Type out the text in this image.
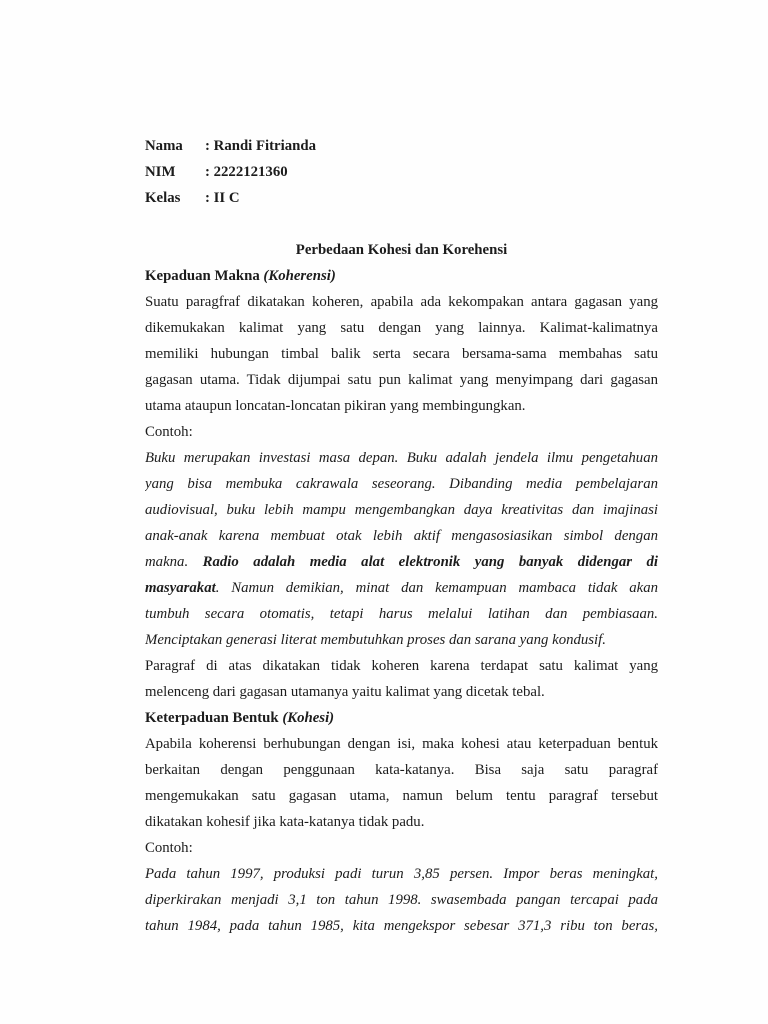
Nama	: Randi Fitrianda
NIM	: 2222121360
Kelas	: II C
Perbedaan Kohesi dan Korehensi
Kepaduan Makna (Koherensi)
Suatu paragfraf dikatakan koheren, apabila ada kekompakan antara gagasan yang
dikemukakan kalimat yang satu dengan yang lainnya. Kalimat-kalimatnya
memiliki hubungan timbal balik serta secara bersama-sama membahas satu
gagasan utama. Tidak dijumpai satu pun kalimat yang menyimpang dari gagasan
utama ataupun loncatan-loncatan pikiran yang membingungkan.
Contoh:
Buku merupakan investasi masa depan. Buku adalah jendela ilmu pengetahuan
yang bisa membuka cakrawala seseorang. Dibanding media pembelajaran
audiovisual, buku lebih mampu mengembangkan daya kreativitas dan imajinasi
anak-anak karena membuat otak lebih aktif mengasosiasikan simbol dengan
makna. Radio adalah media alat elektronik yang banyak didengar di
masyarakat. Namun demikian, minat dan kemampuan mambaca tidak akan
tumbuh secara otomatis, tetapi harus melalui latihan dan pembiasaan.
Menciptakan generasi literat membutuhkan proses dan sarana yang kondusif.
Paragraf di atas dikatakan tidak koheren karena terdapat satu kalimat yang
melenceng dari gagasan utamanya yaitu kalimat yang dicetak tebal.
Keterpaduan Bentuk (Kohesi)
Apabila koherensi berhubungan dengan isi, maka kohesi atau keterpaduan bentuk
berkaitan dengan penggunaan kata-katanya. Bisa saja satu paragraf
mengemukakan satu gagasan utama, namun belum tentu paragraf tersebut
dikatakan kohesif jika kata-katanya tidak padu.
Contoh:
Pada tahun 1997, produksi padi turun 3,85 persen. Impor beras meningkat,
diperkirakan menjadi 3,1 ton tahun 1998. swasembada pangan tercapai pada
tahun 1984, pada tahun 1985, kita mengekspor sebesar 371,3 ribu ton beras,
